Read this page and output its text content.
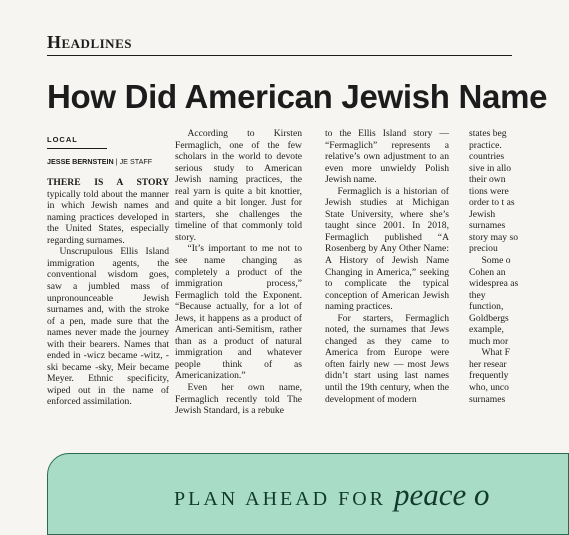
Headlines
How Did American Jewish Name
LOCAL
JESSE BERNSTEIN | JE STAFF

THERE IS A STORY typically told about the manner in which Jewish names and naming practices developed in the United States, especially regarding surnames.

Unscrupulous Ellis Island immigration agents, the conventional wisdom goes, saw a jumbled mass of unpronounceable Jewish surnames and, with the stroke of a pen, made sure that the names never made the journey with their bearers. Names that ended in -wicz became -witz, -ski became -sky, Meir became Meyer. Ethnic specificity, wiped out in the name of enforced assimilation.

According to Kirsten Fermaglich, one of the few scholars in the world to devote serious study to American Jewish naming practices, the real yarn is quite a bit knottier, and quite a bit longer. Just for starters, she challenges the timeline of that commonly told story.

“It’s important to me not to see name changing as completely a product of the immigration process,” Fermaglich told the Exponent. “Because actually, for a lot of Jews, it happens as a product of American anti-Semitism, rather than as a product of natural immigration and whatever people think of as Americanization.”

Even her own name, Fermaglich recently told The Jewish Standard, is a rebuke

to the Ellis Island story — “Fermaglich” represents a relative’s own adjustment to an even more unwieldy Polish Jewish name.

Fermaglich is a historian of Jewish studies at Michigan State University, where she’s taught since 2001. In 2018, Fermaglich published “A Rosenberg by Any Other Name: A History of Jewish Name Changing in America,” seeking to complicate the typical conception of American Jewish naming practices.

For starters, Fermaglich noted, the surnames that Jews changed as they came to America from Europe were often fairly new — most Jews didn’t start using last names until the 19th century, when the development of modern

states beg practice. countries sive in allo their own tions were order to t as Jewish surnames story may so preciou

Some o Cohen an widesprea as they function, Goldbergs example, much mor

What F her resear frequently who, unco surnames

PLAN AHEAD FOR peace o
